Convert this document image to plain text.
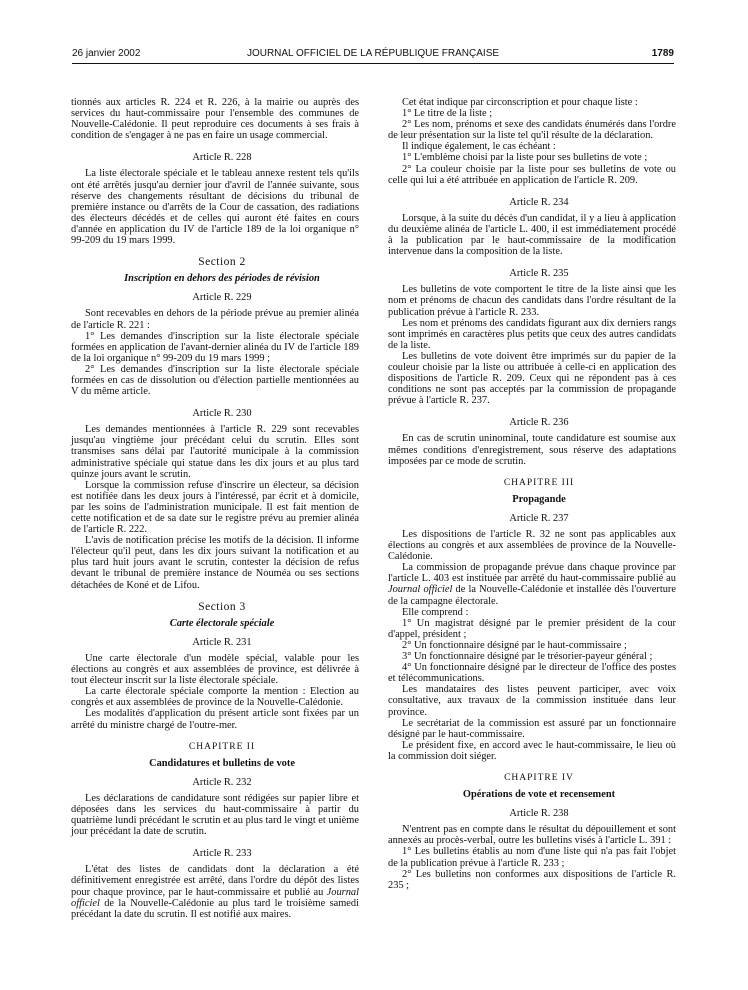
26 janvier 2002	JOURNAL OFFICIEL DE LA RÉPUBLIQUE FRANÇAISE	1789

tionnés aux articles R. 224 et R. 226, à la mairie ou auprès des services du haut-commissaire pour l'ensemble des communes de Nouvelle-Calédonie. Il peut reproduire ces documents à ses frais à condition de s'engager à ne pas en faire un usage commercial.

Article R. 228

La liste électorale spéciale et le tableau annexe restent tels qu'ils ont été arrêtés jusqu'au dernier jour d'avril de l'année suivante, sous réserve des changements résultant de décisions du tribunal de première instance ou d'arrêts de la Cour de cassation, des radiations des électeurs décédés et de celles qui auront été faites en cours d'année en application du IV de l'article 189 de la loi organique n° 99-209 du 19 mars 1999.

Section 2

Inscription en dehors des périodes de révision

Article R. 229

Sont recevables en dehors de la période prévue au premier alinéa de l'article R. 221 :

1° Les demandes d'inscription sur la liste électorale spéciale formées en application de l'avant-dernier alinéa du IV de l'article 189 de la loi organique n° 99-209 du 19 mars 1999 ;

2° Les demandes d'inscription sur la liste électorale spéciale formées en cas de dissolution ou d'élection partielle mentionnées au V du même article.

Article R. 230

Les demandes mentionnées à l'article R. 229 sont recevables jusqu'au vingtième jour précédant celui du scrutin. Elles sont transmises sans délai par l'autorité municipale à la commission administrative spéciale qui statue dans les dix jours et au plus tard quinze jours avant le scrutin.

Lorsque la commission refuse d'inscrire un électeur, sa décision est notifiée dans les deux jours à l'intéressé, par écrit et à domicile, par les soins de l'administration municipale. Il est fait mention de cette notification et de sa date sur le registre prévu au premier alinéa de l'article R. 222.

L'avis de notification précise les motifs de la décision. Il informe l'électeur qu'il peut, dans les dix jours suivant la notification et au plus tard huit jours avant le scrutin, contester la décision de refus devant le tribunal de première instance de Nouméa ou ses sections détachées de Koné et de Lifou.

Section 3

Carte électorale spéciale

Article R. 231

Une carte électorale d'un modèle spécial, valable pour les élections au congrès et aux assemblées de province, est délivrée à tout électeur inscrit sur la liste électorale spéciale.

La carte électorale spéciale comporte la mention : Election au congrès et aux assemblées de province de la Nouvelle-Calédonie.

Les modalités d'application du présent article sont fixées par un arrêté du ministre chargé de l'outre-mer.

CHAPITRE II

Candidatures et bulletins de vote

Article R. 232

Les déclarations de candidature sont rédigées sur papier libre et déposées dans les services du haut-commissaire à partir du quatrième lundi précédant le scrutin et au plus tard le vingt et unième jour précédant la date de scrutin.

Article R. 233

L'état des listes de candidats dont la déclaration a été définitivement enregistrée est arrêté, dans l'ordre du dépôt des listes pour chaque province, par le haut-commissaire et publié au Journal officiel de la Nouvelle-Calédonie au plus tard le troisième samedi précédant la date du scrutin. Il est notifié aux maires.

Cet état indique par circonscription et pour chaque liste :

1° Le titre de la liste ;

2° Les nom, prénoms et sexe des candidats énumérés dans l'ordre de leur présentation sur la liste tel qu'il résulte de la déclaration.

Il indique également, le cas échéant :

1° L'emblème choisi par la liste pour ses bulletins de vote ;

2° La couleur choisie par la liste pour ses bulletins de vote ou celle qui lui a été attribuée en application de l'article R. 209.

Article R. 234

Lorsque, à la suite du décès d'un candidat, il y a lieu à application du deuxième alinéa de l'article L. 400, il est immédiatement procédé à la publication par le haut-commissaire de la modification intervenue dans la composition de la liste.

Article R. 235

Les bulletins de vote comportent le titre de la liste ainsi que les nom et prénoms de chacun des candidats dans l'ordre résultant de la publication prévue à l'article R. 233.

Les nom et prénoms des candidats figurant aux dix derniers rangs sont imprimés en caractères plus petits que ceux des autres candidats de la liste.

Les bulletins de vote doivent être imprimés sur du papier de la couleur choisie par la liste ou attribuée à celle-ci en application des dispositions de l'article R. 209. Ceux qui ne répondent pas à ces conditions ne sont pas acceptés par la commission de propagande prévue à l'article R. 237.

Article R. 236

En cas de scrutin uninominal, toute candidature est soumise aux mêmes conditions d'enregistrement, sous réserve des adaptations imposées par ce mode de scrutin.

CHAPITRE III

Propagande

Article R. 237

Les dispositions de l'article R. 32 ne sont pas applicables aux élections au congrès et aux assemblées de province de la Nouvelle-Calédonie.

La commission de propagande prévue dans chaque province par l'article L. 403 est instituée par arrêté du haut-commissaire publié au Journal officiel de la Nouvelle-Calédonie et installée dès l'ouverture de la campagne électorale.

Elle comprend :

1° Un magistrat désigné par le premier président de la cour d'appel, président ;

2° Un fonctionnaire désigné par le haut-commissaire ;

3° Un fonctionnaire désigné par le trésorier-payeur général ;

4° Un fonctionnaire désigné par le directeur de l'office des postes et télécommunications.

Les mandataires des listes peuvent participer, avec voix consultative, aux travaux de la commission instituée dans leur province.

Le secrétariat de la commission est assuré par un fonctionnaire désigné par le haut-commissaire.

Le président fixe, en accord avec le haut-commissaire, le lieu où la commission doit siéger.

CHAPITRE IV

Opérations de vote et recensement

Article R. 238

N'entrent pas en compte dans le résultat du dépouillement et sont annexés au procès-verbal, outre les bulletins visés à l'article L. 391 :

1° Les bulletins établis au nom d'une liste qui n'a pas fait l'objet de la publication prévue à l'article R. 233 ;

2° Les bulletins non conformes aux dispositions de l'article R. 235 ;
